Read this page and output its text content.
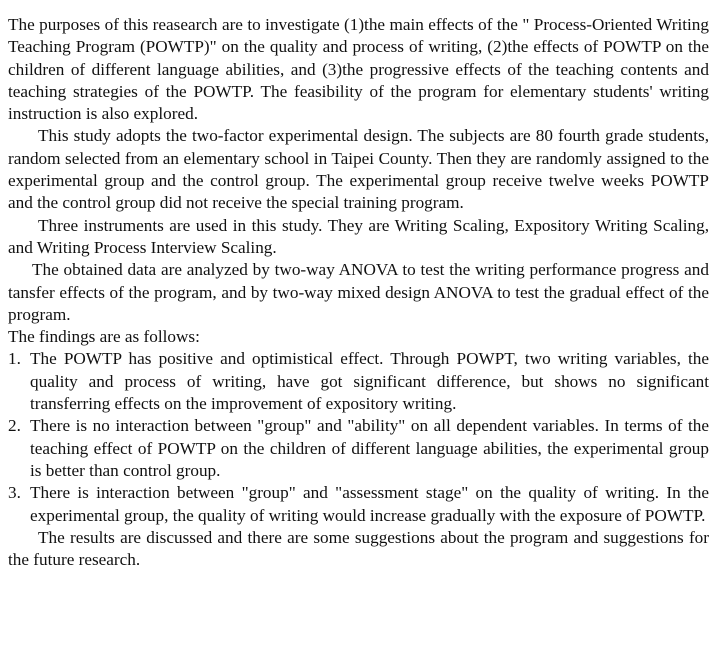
The purposes of this reasearch are to investigate (1)the main effects of the " Process-Oriented Writing Teaching Program (POWTP)" on the quality and process of writing, (2)the effects of POWTP on the children of different language abilities, and (3)the progressive effects of the teaching contents and teaching strategies of the POWTP. The feasibility of the program for elementary students' writing instruction is also explored.

This study adopts the two-factor experimental design. The subjects are 80 fourth grade students, random selected from an elementary school in Taipei County. Then they are randomly assigned to the experimental group and the control group. The experimental group receive twelve weeks POWTP and the control group did not receive the special training program.

Three instruments are used in this study. They are Writing Scaling, Expository Writing Scaling, and Writing Process Interview Scaling.

The obtained data are analyzed by two-way ANOVA to test the writing performance progress and tansfer effects of the program, and by two-way mixed design ANOVA to test the gradual effect of the program.

The findings are as follows:

1. The POWTP has positive and optimistical effect. Through POWPT, two writing variables, the quality and process of writing, have got significant difference, but shows no significant transferring effects on the improvement of expository writing.
2. There is no interaction between "group" and "ability" on all dependent variables. In terms of the teaching effect of POWTP on the children of different language abilities, the experimental group is better than control group.
3. There is interaction between "group" and "assessment stage" on the quality of writing. In the experimental group, the quality of writing would increase gradually with the exposure of POWTP.

The results are discussed and there are some suggestions about the program and suggestions for the future research.
